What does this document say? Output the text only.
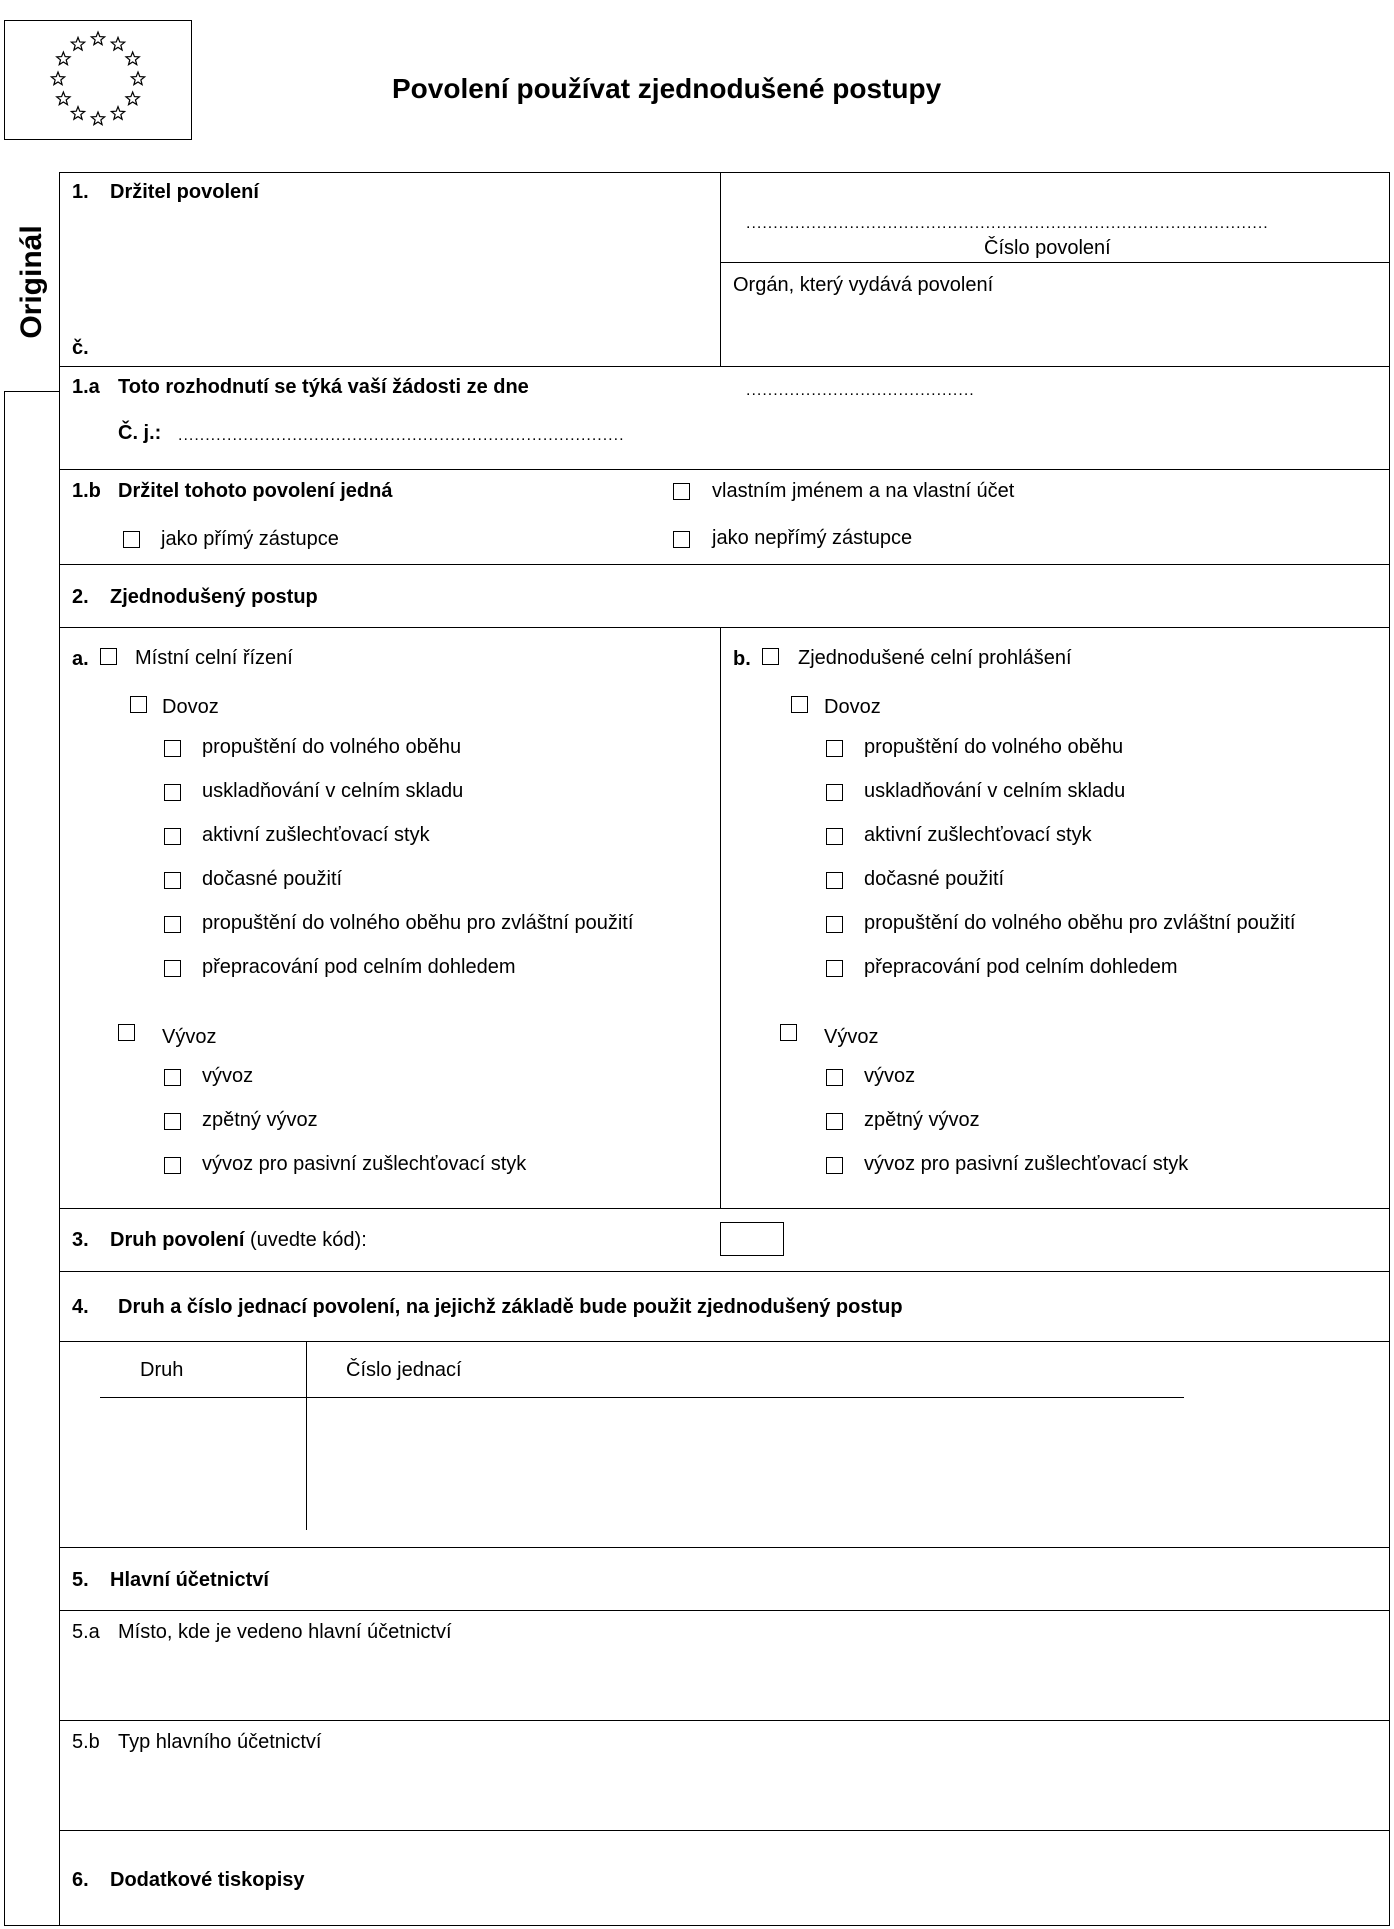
Povolení používat zjednodušené postupy
Originál
1. Držitel povolení
č.
................................................................................................
Číslo povolení
Orgán, který vydává povolení
1.a Toto rozhodnutí se týká vaší žádosti ze dne	..........................................
Č. j.: ..................................................................................
1.b Držitel tohoto povolení jedná	vlastním jménem a na vlastní účet
jako přímý zástupce	jako nepřímý zástupce
2. Zjednodušený postup
a. Místní celní řízení
Dovoz
propuštění do volného oběhu
uskladňování v celním skladu
aktivní zušlechťovací styk
dočasné použití
propuštění do volného oběhu pro zvláštní použití
přepracování pod celním dohledem
Vývoz
vývoz
zpětný vývoz
vývoz pro pasivní zušlechťovací styk
b. Zjednodušené celní prohlášení
Dovoz
propuštění do volného oběhu
uskladňování v celním skladu
aktivní zušlechťovací styk
dočasné použití
propuštění do volného oběhu pro zvláštní použití
přepracování pod celním dohledem
Vývoz
vývoz
zpětný vývoz
vývoz pro pasivní zušlechťovací styk
3. Druh povolení (uvedte kód):
4. Druh a číslo jednací povolení, na jejichž základě bude použit zjednodušený postup
Druh	Číslo jednací
5. Hlavní účetnictví
5.a Místo, kde je vedeno hlavní účetnictví
5.b Typ hlavního účetnictví
6. Dodatkové tiskopisy
